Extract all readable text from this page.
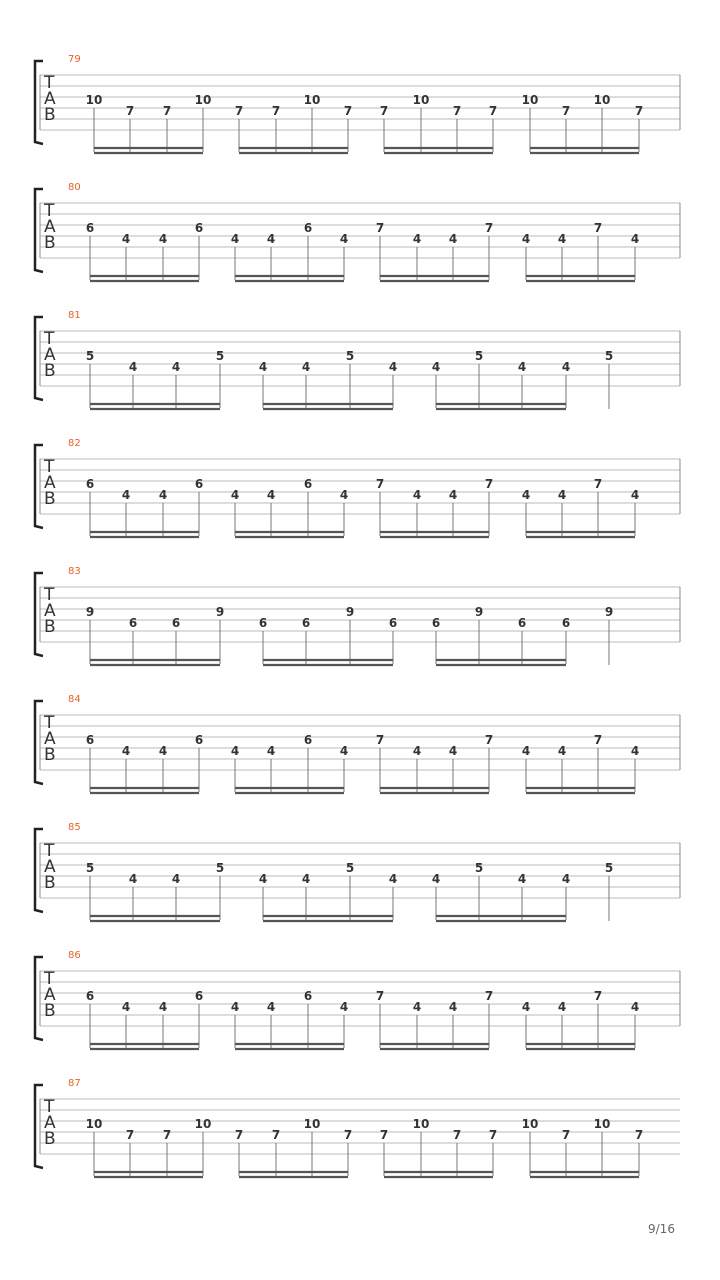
79
T
A
B
10
7 7
10
7 7
10
7 7
10
7 7
10
7
10
7
80
T
A
B
6
4 4
6
4 4
6
4
7
4 4
7
4 4
7
4
81
T
A
B
5
4	4
5
4	4
5
4	4
5
4	4
5
82
T
A
B
6
4 4
6
4 4
6
4
7
4 4
7
4 4
7
4
83
T
A
B
9
6	6
9
6	6
9
6	6
9
6	6
9
84
T
A
B
6
4 4
6
4 4
6
4
7
4 4
7
4 4
7
4
85
T
A
B
5
4	4
5
4	4
5
4	4
5
4	4
5
86
T
A
B
6
4 4
6
4 4
6
4
7
4 4
7
4 4
7
4
87
T
A
B
10
7 7
10
7 7
10
7 7
10
7 7
10
7
10
7
9/16
